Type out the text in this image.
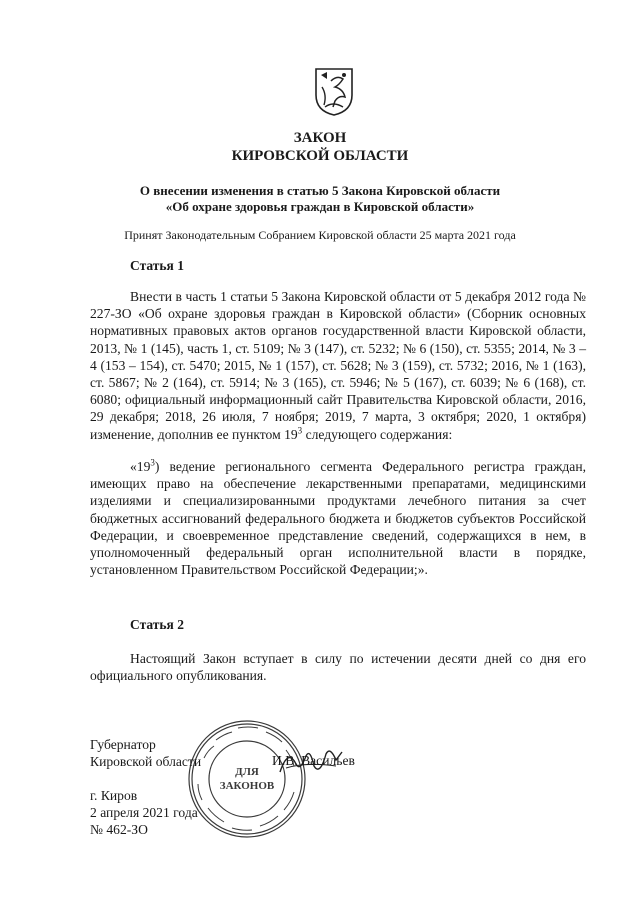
ЗАКОН
КИРОВСКОЙ ОБЛАСТИ
О внесении изменения в статью 5 Закона Кировской области
«Об охране здоровья граждан в Кировской области»
Принят Законодательным Собранием Кировской области 25 марта 2021 года
Статья 1
Внести в часть 1 статьи 5 Закона Кировской области от 5 декабря 2012 года № 227-ЗО «Об охране здоровья граждан в Кировской области» (Сборник основных нормативных правовых актов органов государственной власти Кировской области, 2013, № 1 (145), часть 1, ст. 5109; № 3 (147), ст. 5232; № 6 (150), ст. 5355; 2014, № 3 – 4 (153 – 154), ст. 5470; 2015, № 1 (157), ст. 5628; № 3 (159), ст. 5732; 2016, № 1 (163), ст. 5867; № 2 (164), ст. 5914; № 3 (165), ст. 5946; № 5 (167), ст. 6039; № 6 (168), ст. 6080; официальный информационный сайт Правительства Кировской области, 2016, 29 декабря; 2018, 26 июля, 7 ноября; 2019, 7 марта, 3 октября; 2020, 1 октября) изменение, дополнив ее пунктом $19^3$ следующего содержания:
«$19^3$) ведение регионального сегмента Федерального регистра граждан, имеющих право на обеспечение лекарственными препаратами, медицинскими изделиями и специализированными продуктами лечебного питания за счет бюджетных ассигнований федерального бюджета и бюджетов субъектов Российской Федерации, и своевременное представление сведений, содержащихся в нем, в уполномоченный федеральный орган исполнительной власти в порядке, установленном Правительством Российской Федерации;».
Статья 2
Настоящий Закон вступает в силу по истечении десяти дней со дня его официального опубликования.
ДЛЯ
ЗАКОНОВ
Губернатор
Кировской области	И.В. Васильев
г. Киров
2 апреля 2021 года
№ 462-ЗО
